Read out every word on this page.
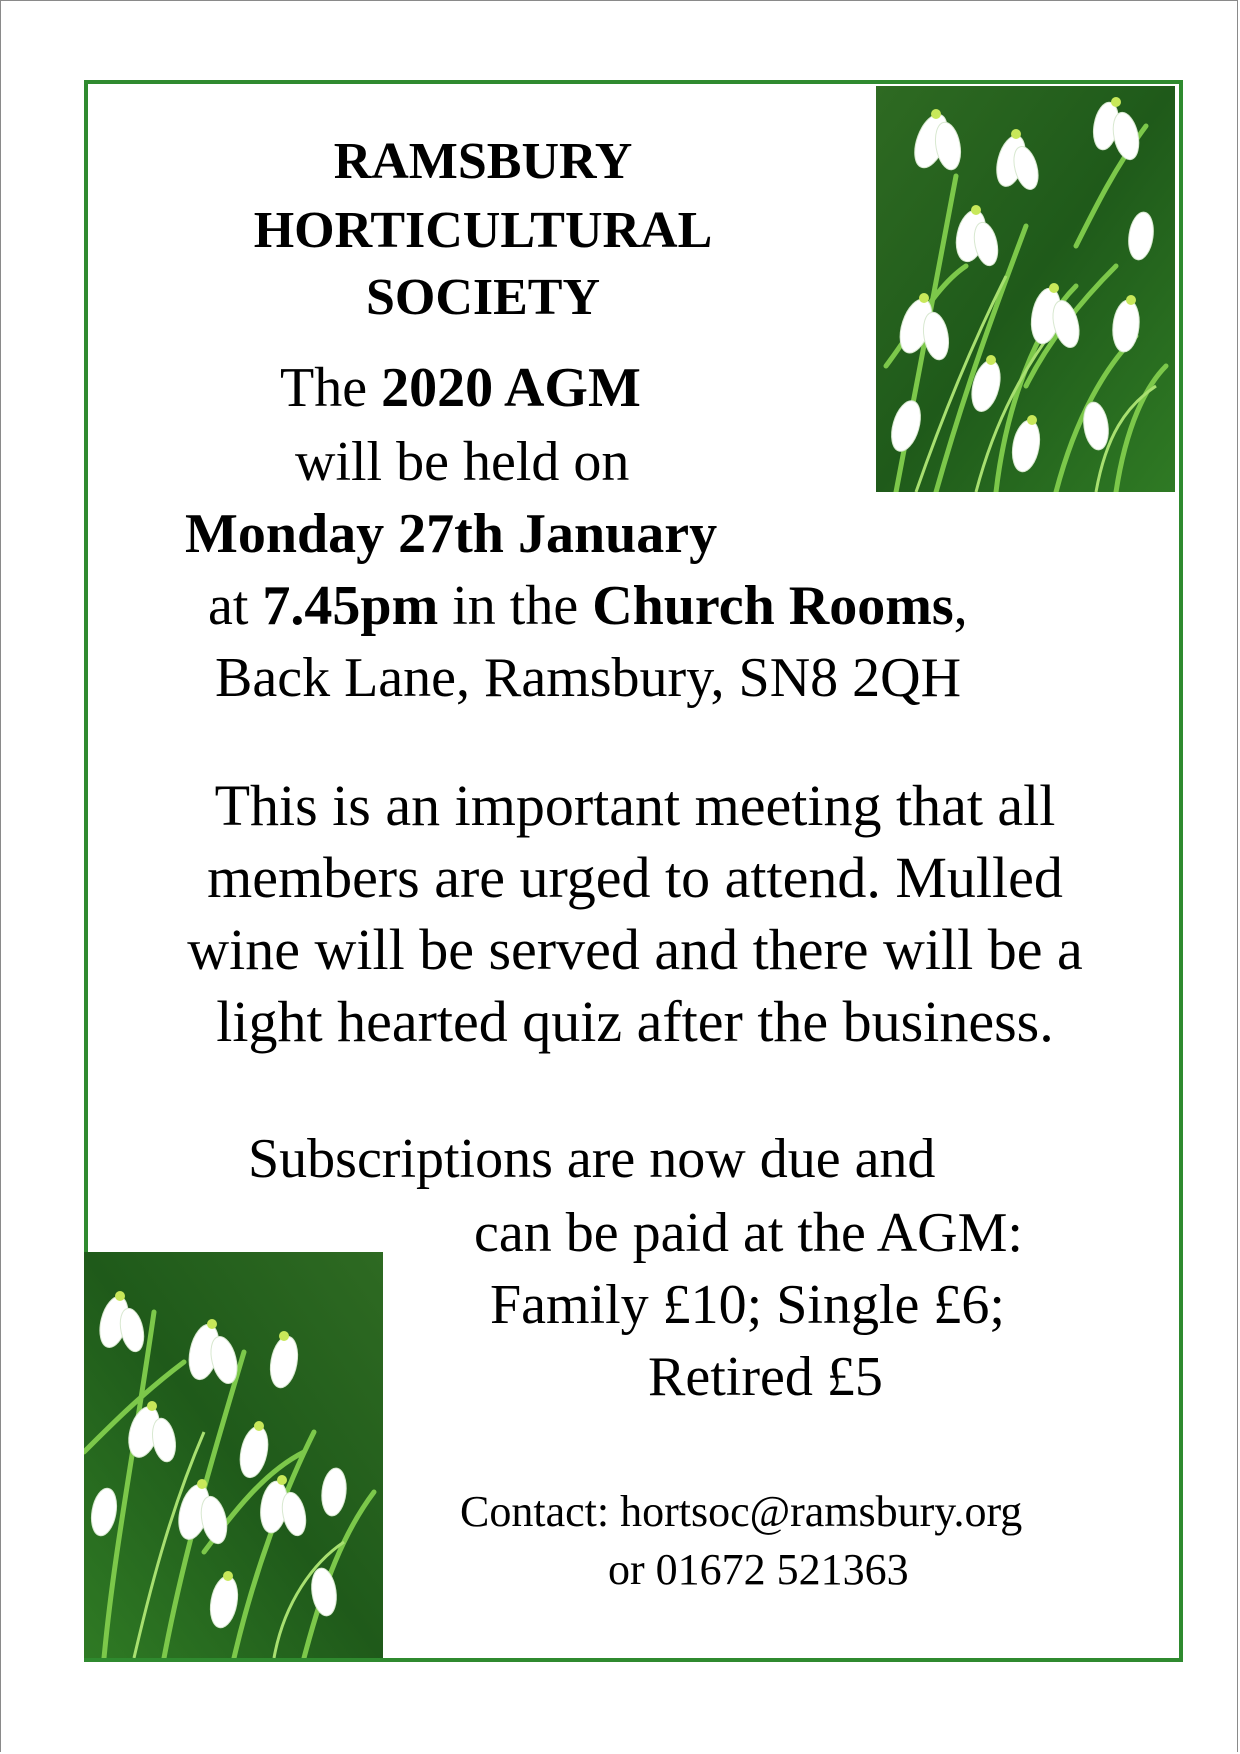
RAMSBURY
HORTICULTURAL
SOCIETY
The 2020 AGM
will be held on
Monday 27th January
at 7.45pm in the Church Rooms,
Back Lane, Ramsbury, SN8 2QH
This is an important meeting that all
members are urged to attend. Mulled
wine will be served and there will be a
light hearted quiz after the business.
Subscriptions are now due and
can be paid at the AGM:
Family £10; Single £6;
Retired £5
Contact: hortsoc@ramsbury.org
or 01672 521363
